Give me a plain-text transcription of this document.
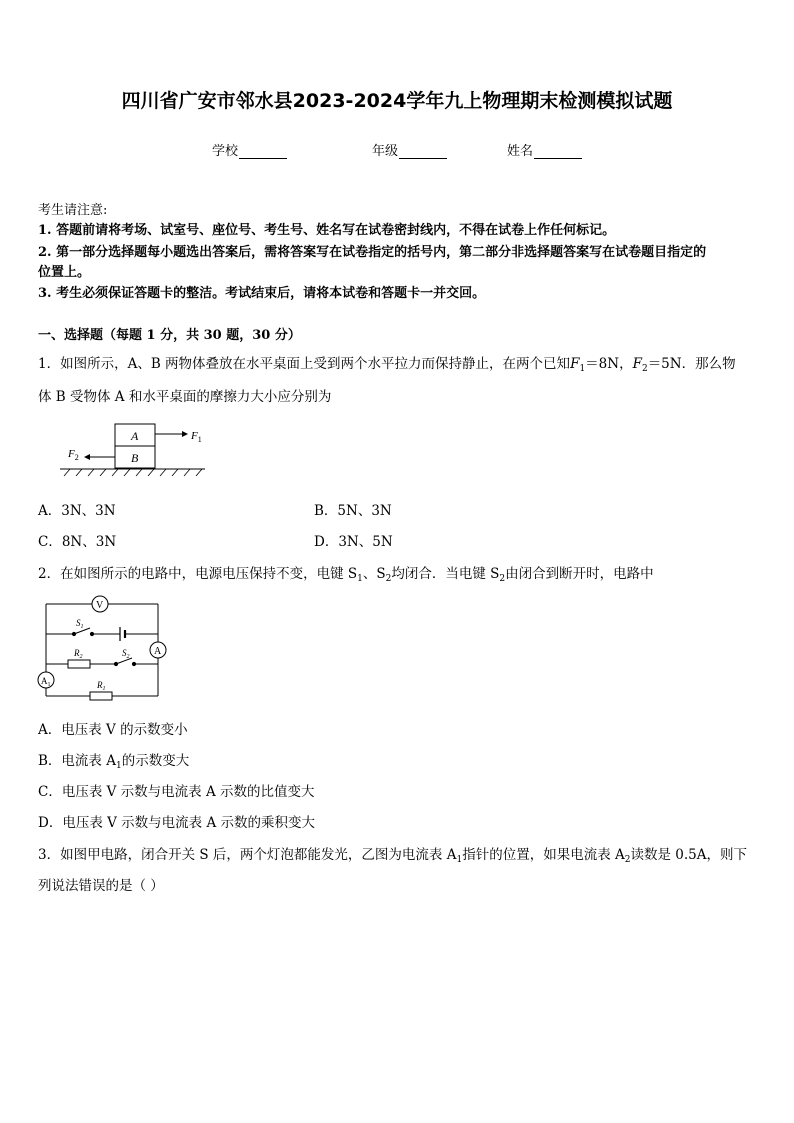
四川省广安市邻水县2023-2024学年九上物理期末检测模拟试题
学校	年级	姓名
考生请注意:
1. 答题前请将考场、试室号、座位号、考生号、姓名写在试卷密封线内，不得在试卷上作任何标记。
2. 第一部分选择题每小题选出答案后，需将答案写在试卷指定的括号内，第二部分非选择题答案写在试卷题目指定的
位置上。
3. 考生必须保证答题卡的整洁。考试结束后，请将本试卷和答题卡一并交回。
一、选择题（每题 1 分，共 30 题，30 分）
1．如图所示，A、B 两物体叠放在水平桌面上受到两个水平拉力而保持静止，在两个已知$F_1=8N$，$F_2=5N$．那么物
体 B 受物体 A 和水平桌面的摩擦力大小应分别为
A
B
$F_1$
$F_2$
A．3N、3N	B．5N、3N
C．8N、3N	D．3N、5N
2．在如图所示的电路中，电源电压保持不变，电键 $S_1$、$S_2$均闭合．当电键 $S_2$由闭合到断开时，电路中
V
A
$A_1$
$S_1$
$S_2$
$R_2$
$R_1$
A．电压表 V 的示数变小
B．电流表 $A_1$的示数变大
C．电压表 V 示数与电流表 A 示数的比值变大
D．电压表 V 示数与电流表 A 示数的乘积变大
3．如图甲电路，闭合开关 S 后，两个灯泡都能发光，乙图为电流表 $A_1$指针的位置，如果电流表 $A_2$读数是 0.5A，则下
列说法错误的是（ ）
